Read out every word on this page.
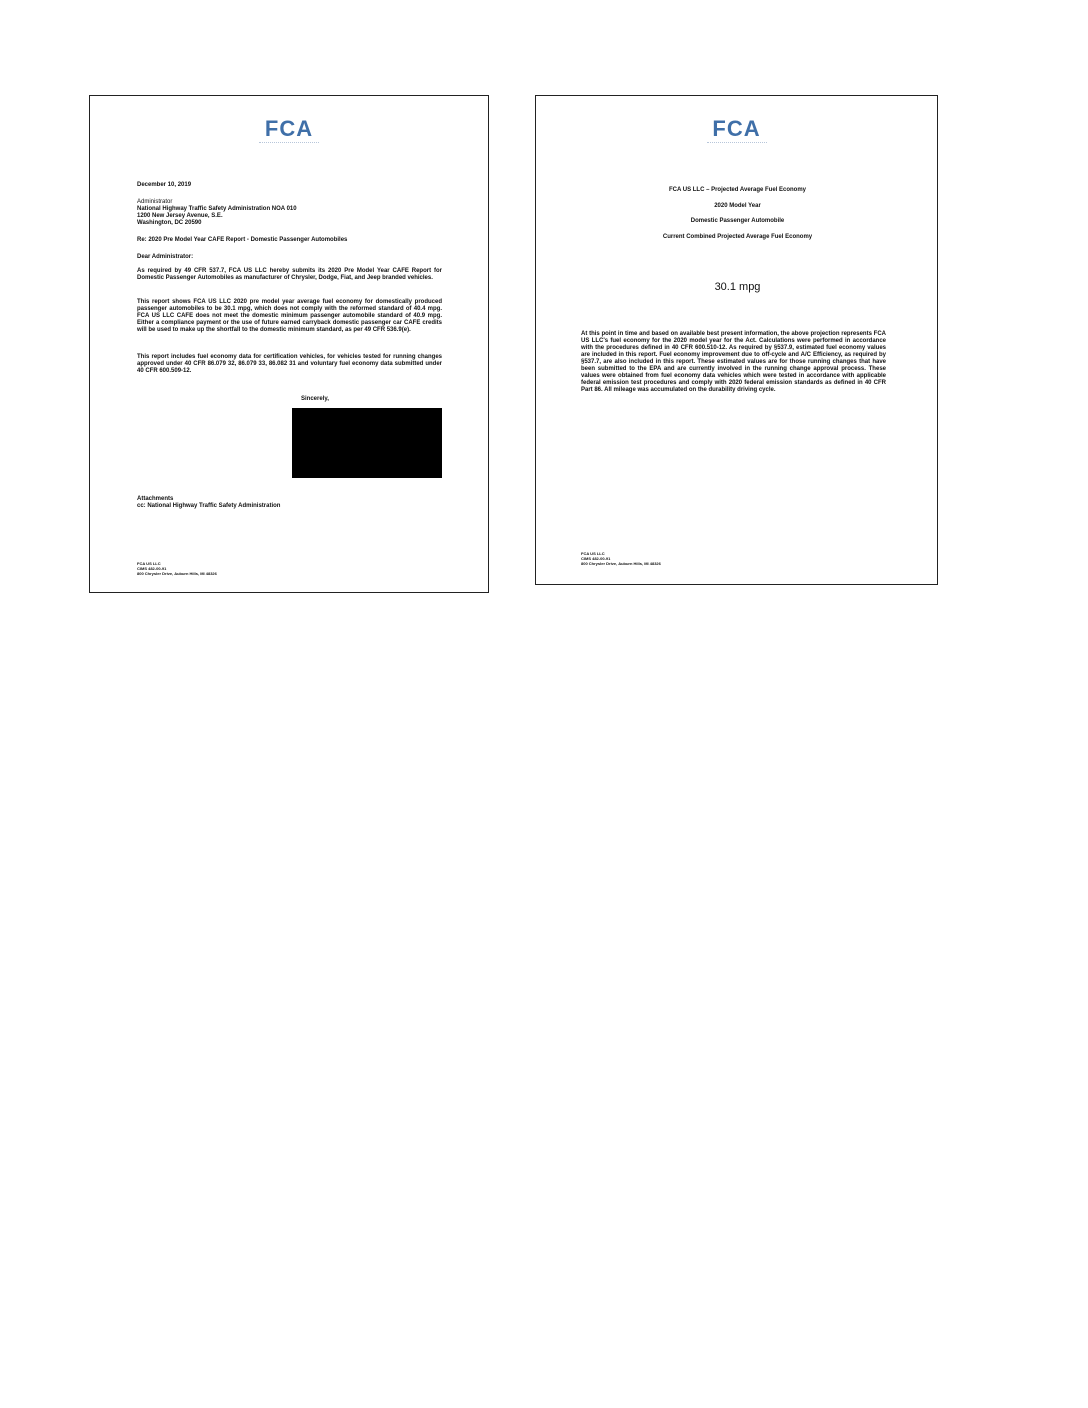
FCA
December 10, 2019
Administrator
National Highway Traffic Safety Administration NOA 010
1200 New Jersey Avenue, S.E.
Washington, DC 20590
Re: 2020 Pre Model Year CAFE Report - Domestic Passenger Automobiles
Dear Administrator:
As required by 49 CFR 537.7, FCA US LLC hereby submits its 2020 Pre Model Year CAFE Report for Domestic Passenger Automobiles as manufacturer of Chrysler, Dodge, Fiat, and Jeep branded vehicles.
This report shows FCA US LLC 2020 pre model year average fuel economy for domestically produced passenger automobiles to be 30.1 mpg, which does not comply with the reformed standard of 40.4 mpg. FCA US LLC CAFE does not meet the domestic minimum passenger automobile standard of 40.9 mpg. Either a compliance payment or the use of future earned carryback domestic passenger car CAFE credits will be used to make up the shortfall to the domestic minimum standard, as per 49 CFR 536.9(e).
This report includes fuel economy data for certification vehicles, for vehicles tested for running changes approved under 40 CFR 86.079 32, 86.079 33, 86.082 31 and voluntary fuel economy data submitted under 40 CFR 600.509-12.
Sincerely,
Attachments
cc: National Highway Traffic Safety Administration
FCA US LLC
CIMS 482-00-91
800 Chrysler Drive, Auburn Hills, MI 48326
FCA
FCA US LLC – Projected Average Fuel Economy
2020 Model Year
Domestic Passenger Automobile
Current Combined Projected Average Fuel Economy
30.1 mpg
At this point in time and based on available best present information, the above projection represents FCA US LLC's fuel economy for the 2020 model year for the Act. Calculations were performed in accordance with the procedures defined in 40 CFR 600.510-12. As required by §537.9, estimated fuel economy values are included in this report. Fuel economy improvement due to off-cycle and A/C Efficiency, as required by §537.7, are also included in this report. These estimated values are for those running changes that have been submitted to the EPA and are currently involved in the running change approval process. These values were obtained from fuel economy data vehicles which were tested in accordance with applicable federal emission test procedures and comply with 2020 federal emission standards as defined in 40 CFR Part 86. All mileage was accumulated on the durability driving cycle.
FCA US LLC
CIMS 482-00-91
800 Chrysler Drive, Auburn Hills, MI 48326
